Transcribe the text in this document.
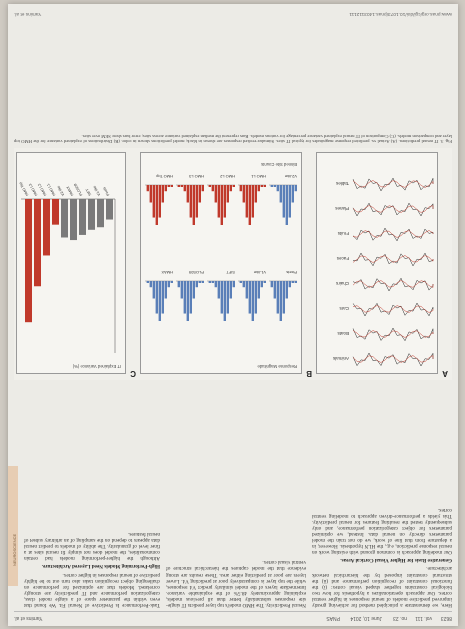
8623
vol. 111
no. 23
June 10, 2014
PNAS
Yamins et al.
NEUROSCIENCE

Here, we demonstrate a principled method for achieving greatly improved predictive models of neural responses in higher ventral cortex. Our approach operationalizes a hypothesis for how two biological constraints together shaped visual cortex: (i) the functional constraint of recognition performance and (ii) the structural constraint imposed by the hierarchical network architecture.

Generative Basis for Higher Visual Cortical Areas.

Our modeling approach is common ground with existing work on neural response prediction, e.g., the HLN hypothesis. However, in a departure from that line of work, we do not train the model parameters directly on neural data. Instead, we optimized parameters for object categorization performance, and only subsequently tested the resulting features for neural predictivity. This yields a performance-driven approach to modeling ventral cortex.

Neural Predictivity. The HMO model's top layer predicts IT single-site responses substantially better than all previous models, explaining approximately 48.5% of the explainable variance. Intermediate layers of the model similarly predict V4 responses, while the top layer is comparatively poor at predicting V4. Lower layers are poor at predicting either area. These results are strong evidence that the model captures the hierarchical structure of ventral visual cortex.

Task-Performance Is Predictive of Neural Fit. We found that even within the parameter space of a single model class, categorization performance and IT predictivity are strongly correlated. Models that are optimized for performance on challenging object recognition tasks also turn out to be highly predictive of neural responses in higher cortex.

High-Performing Models Need Layered Architecture.

Although the higher-performing models had certain commonalities, the model does not simply fit neural sites at a finer level of granularity. The ability of models to predict neural data appears to depend on the sampling of an arbitrary subset of neural features.

A
Animals
Boats
Cars
Chairs
Faces
Fruits
Planes
Tables
B
Response Magnitude
Pixels
V1-like
SIFT
PLOS09
HMAX
V2-like
HMO L1
HMO L2
HMO L3
HMO Top
Binned Site Counts
C
IT Explained Variance (%)
Pixels
V1-like
SIFT
PLOS09
HMAX
V2-like
HMO L1
HMO L2
HMO L3
HMO Top
Fig. 3. IT neural predictions. (A) Actual vs. predicted response magnitudes for typical IT sites. Stimulus-evoked responses are shown in black; model predictions shown in color. (B) Distributions of explained variance for the HMO top layer and comparison models. (C) Comparison of IT neural explained variance percentage for various models. Bars represent the median explained variance across sites; error bars show SEM over sites.
www.pnas.org/cgi/doi/10.1073/pnas.1403112111
Yamins et al.
